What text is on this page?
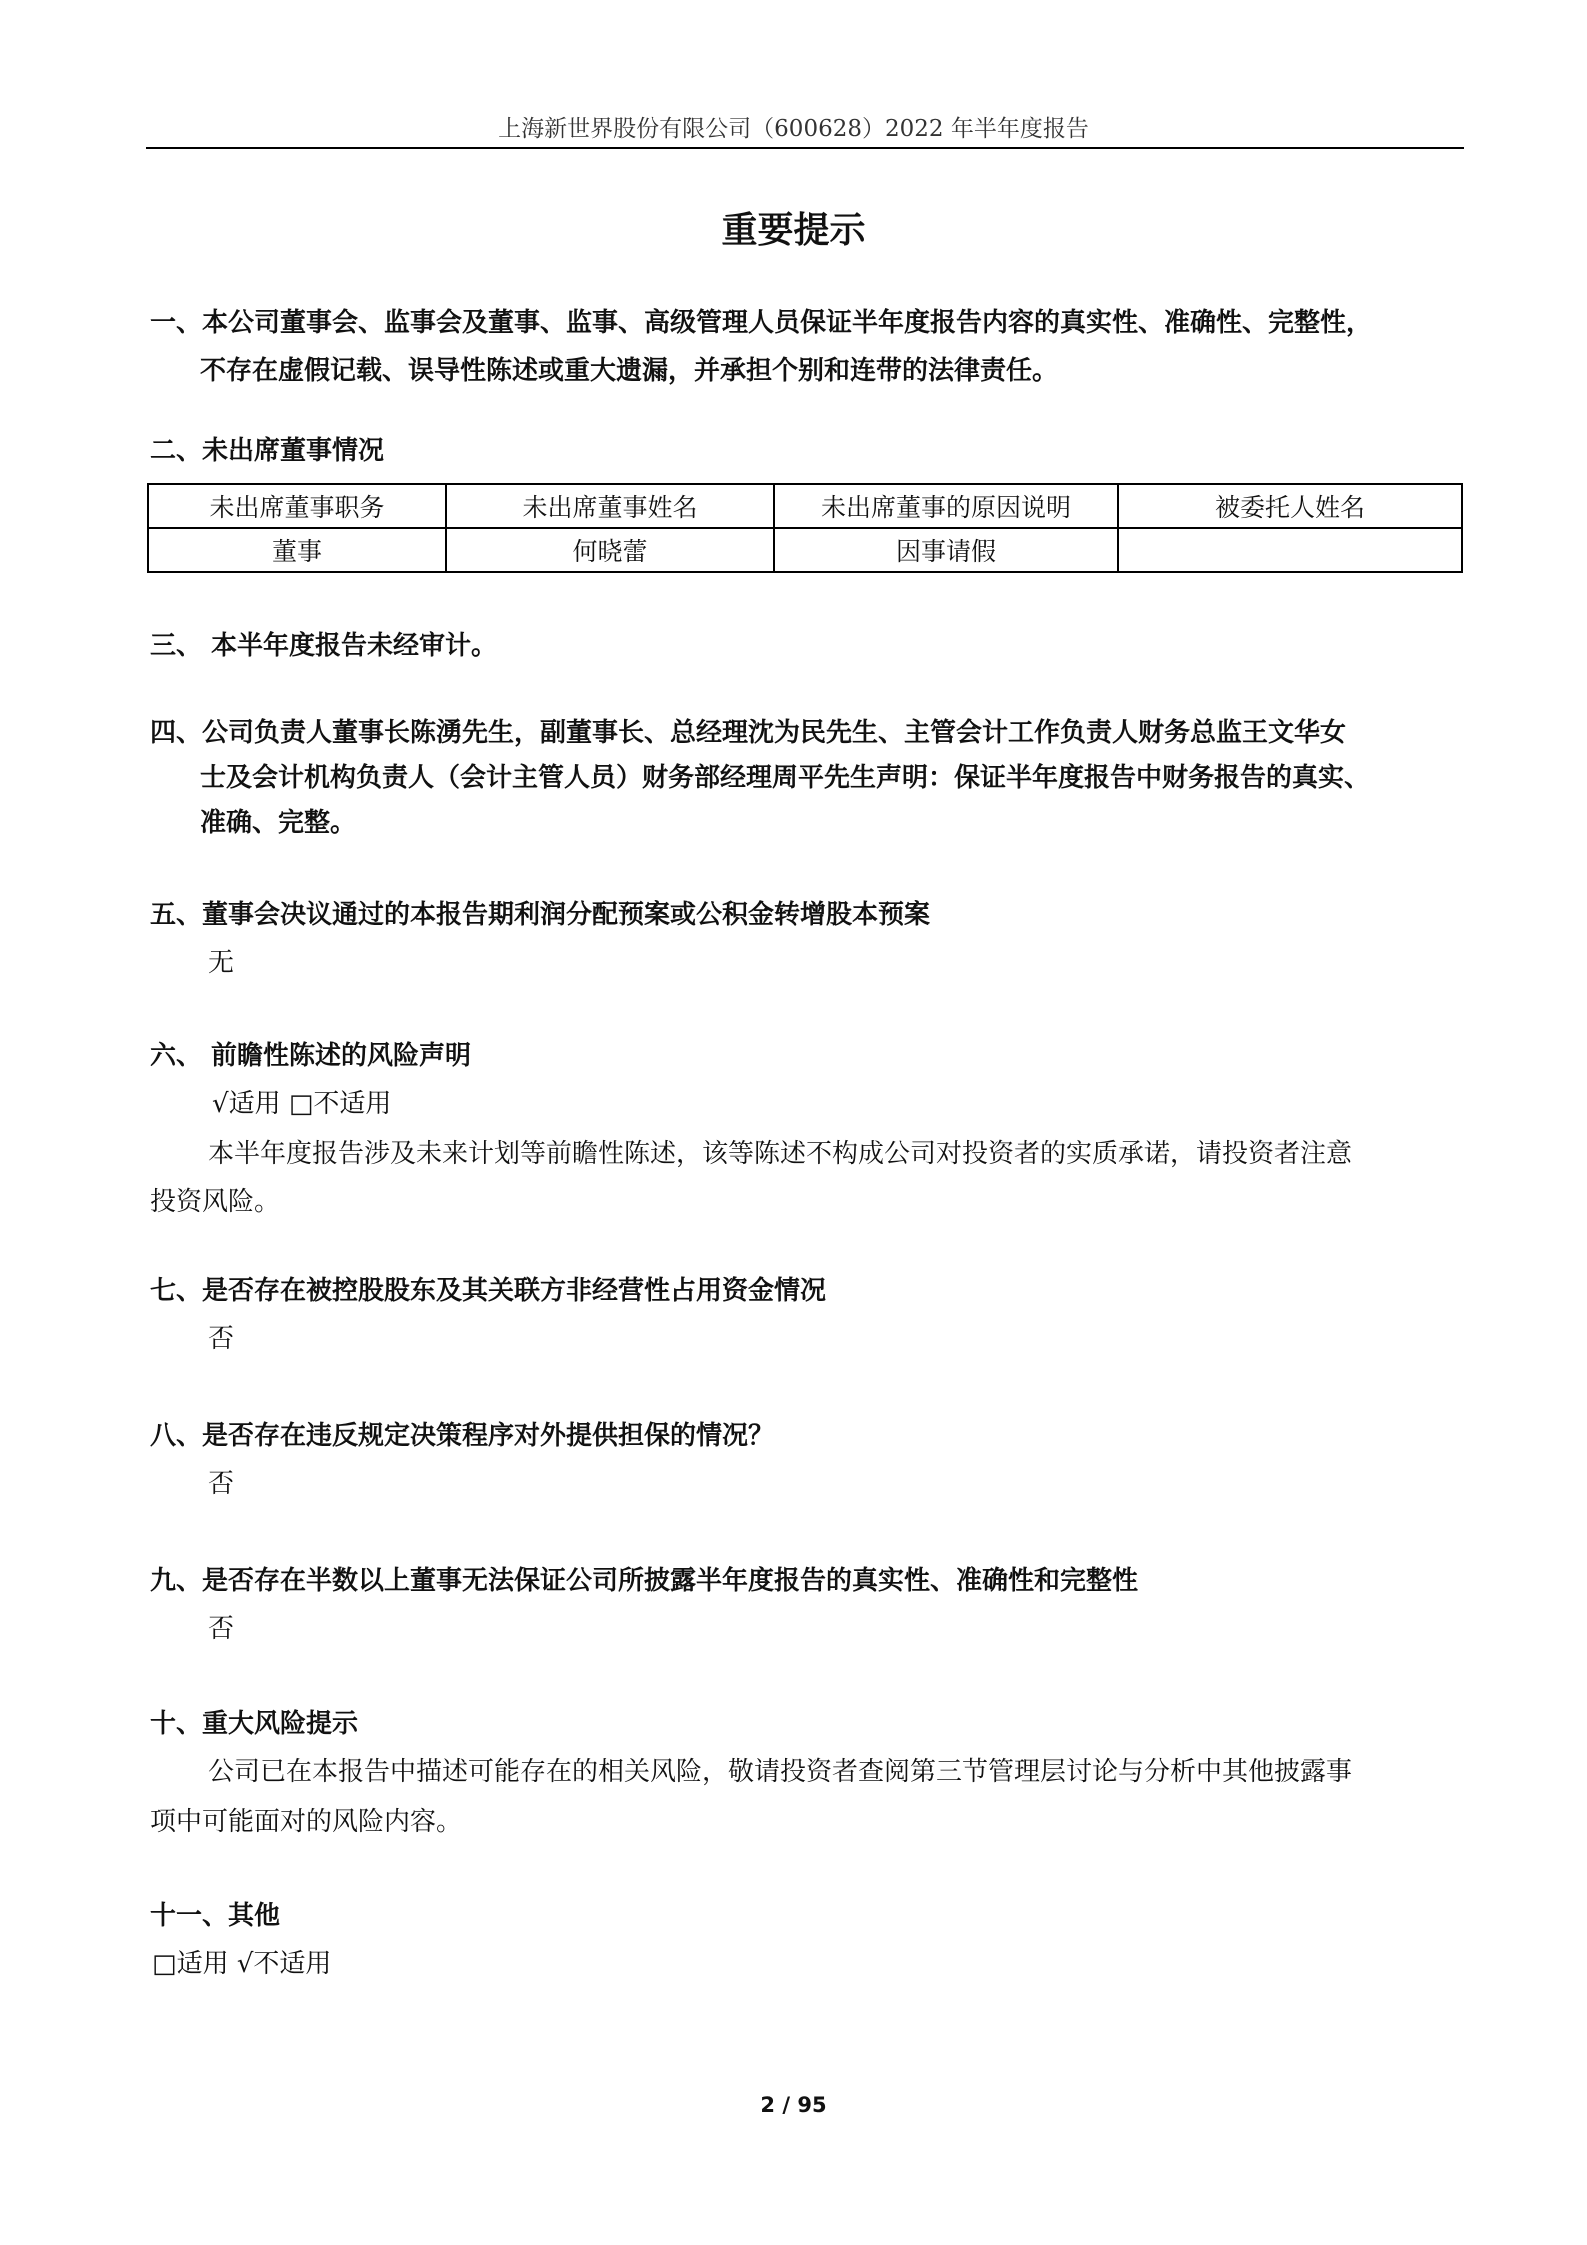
上海新世界股份有限公司（600628）2022 年半年度报告
重要提示
一、本公司董事会、监事会及董事、监事、高级管理人员保证半年度报告内容的真实性、准确性、完整性，
不存在虚假记载、误导性陈述或重大遗漏，并承担个别和连带的法律责任。
二、未出席董事情况
未出席董事职务	未出席董事姓名	未出席董事的原因说明	被委托人姓名
董事	何晓蕾	因事请假	
三、 本半年度报告未经审计。
四、公司负责人董事长陈湧先生，副董事长、总经理沈为民先生、主管会计工作负责人财务总监王文华女
士及会计机构负责人（会计主管人员）财务部经理周平先生声明：保证半年度报告中财务报告的真实、
准确、完整。
五、董事会决议通过的本报告期利润分配预案或公积金转增股本预案
无
六、 前瞻性陈述的风险声明
√适用 □不适用
本半年度报告涉及未来计划等前瞻性陈述，该等陈述不构成公司对投资者的实质承诺，请投资者注意
投资风险。
七、是否存在被控股股东及其关联方非经营性占用资金情况
否
八、是否存在违反规定决策程序对外提供担保的情况？
否
九、是否存在半数以上董事无法保证公司所披露半年度报告的真实性、准确性和完整性
否
十、重大风险提示
公司已在本报告中描述可能存在的相关风险，敬请投资者查阅第三节管理层讨论与分析中其他披露事
项中可能面对的风险内容。
十一、其他
□适用 √不适用
2 / 95
